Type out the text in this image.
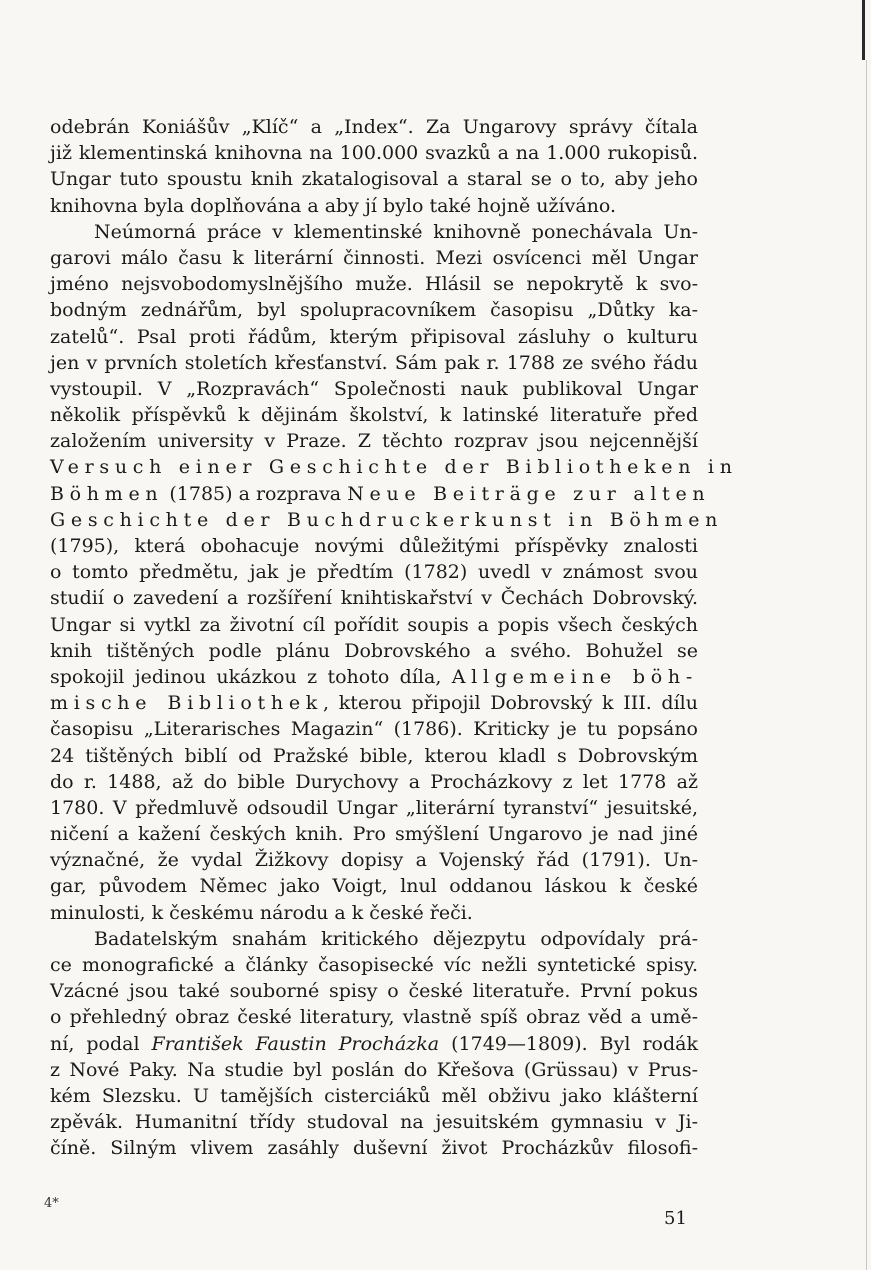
odebrán Koniášův „Klíč“ a „Index“. Za Ungarovy správy čítala
již klementinská knihovna na 100.000 svazků a na 1.000 rukopisů.
Ungar tuto spoustu knih zkatalogisoval a staral se o to, aby jeho
knihovna byla doplňována a aby jí bylo také hojně užíváno.
Neúmorná práce v klementinské knihovně ponechávala Un-
garovi málo času k literární činnosti. Mezi osvícenci měl Ungar
jméno nejsvobodomyslnějšího muže. Hlásil se nepokrytě k svo-
bodným zednářům, byl spolupracovníkem časopisu „Důtky ka-
zatelů“. Psal proti řádům, kterým připisoval zásluhy o kulturu
jen v prvních stoletích křesťanství. Sám pak r. 1788 ze svého řádu
vystoupil. V „Rozpravách“ Společnosti nauk publikoval Ungar
několik příspěvků k dějinám školství, k latinské literatuře před
založením university v Praze. Z těchto rozprav jsou nejcennější
Versuch einer Geschichte der Bibliotheken in
Böhmen (1785) a rozprava Neue Beiträge zur alten
Geschichte der Buchdruckerkunst in Böhmen
(1795), která obohacuje novými důležitými příspěvky znalosti
o tomto předmětu, jak je předtím (1782) uvedl v známost svou
studií o zavedení a rozšíření knihtiskařství v Čechách Dobrovský.
Ungar si vytkl za životní cíl pořídit soupis a popis všech českých
knih tištěných podle plánu Dobrovského a svého. Bohužel se
spokojil jedinou ukázkou z tohoto díla, Allgemeine böh-
mische Bibliothek, kterou připojil Dobrovský k III. dílu
časopisu „Literarisches Magazin“ (1786). Kriticky je tu popsáno
24 tištěných biblí od Pražské bible, kterou kladl s Dobrovským
do r. 1488, až do bible Durychovy a Procházkovy z let 1778 až
1780. V předmluvě odsoudil Ungar „literární tyranství“ jesuitské,
ničení a kažení českých knih. Pro smýšlení Ungarovo je nad jiné
význačné, že vydal Žižkovy dopisy a Vojenský řád (1791). Un-
gar, původem Němec jako Voigt, lnul oddanou láskou k české
minulosti, k českému národu a k české řeči.
Badatelským snahám kritického dějezpytu odpovídaly prá-
ce monografické a články časopisecké víc nežli syntetické spisy.
Vzácné jsou také souborné spisy o české literatuře. První pokus
o přehledný obraz české literatury, vlastně spíš obraz věd a umě-
ní, podal František Faustin Procházka (1749—1809). Byl rodák
z Nové Paky. Na studie byl poslán do Křešova (Grüssau) v Prus-
kém Slezsku. U tamějších cisterciáků měl obživu jako klášterní
zpěvák. Humanitní třídy studoval na jesuitském gymnasiu v Ji-
číně. Silným vlivem zasáhly duševní život Procházkův filosofi-
4*
51
